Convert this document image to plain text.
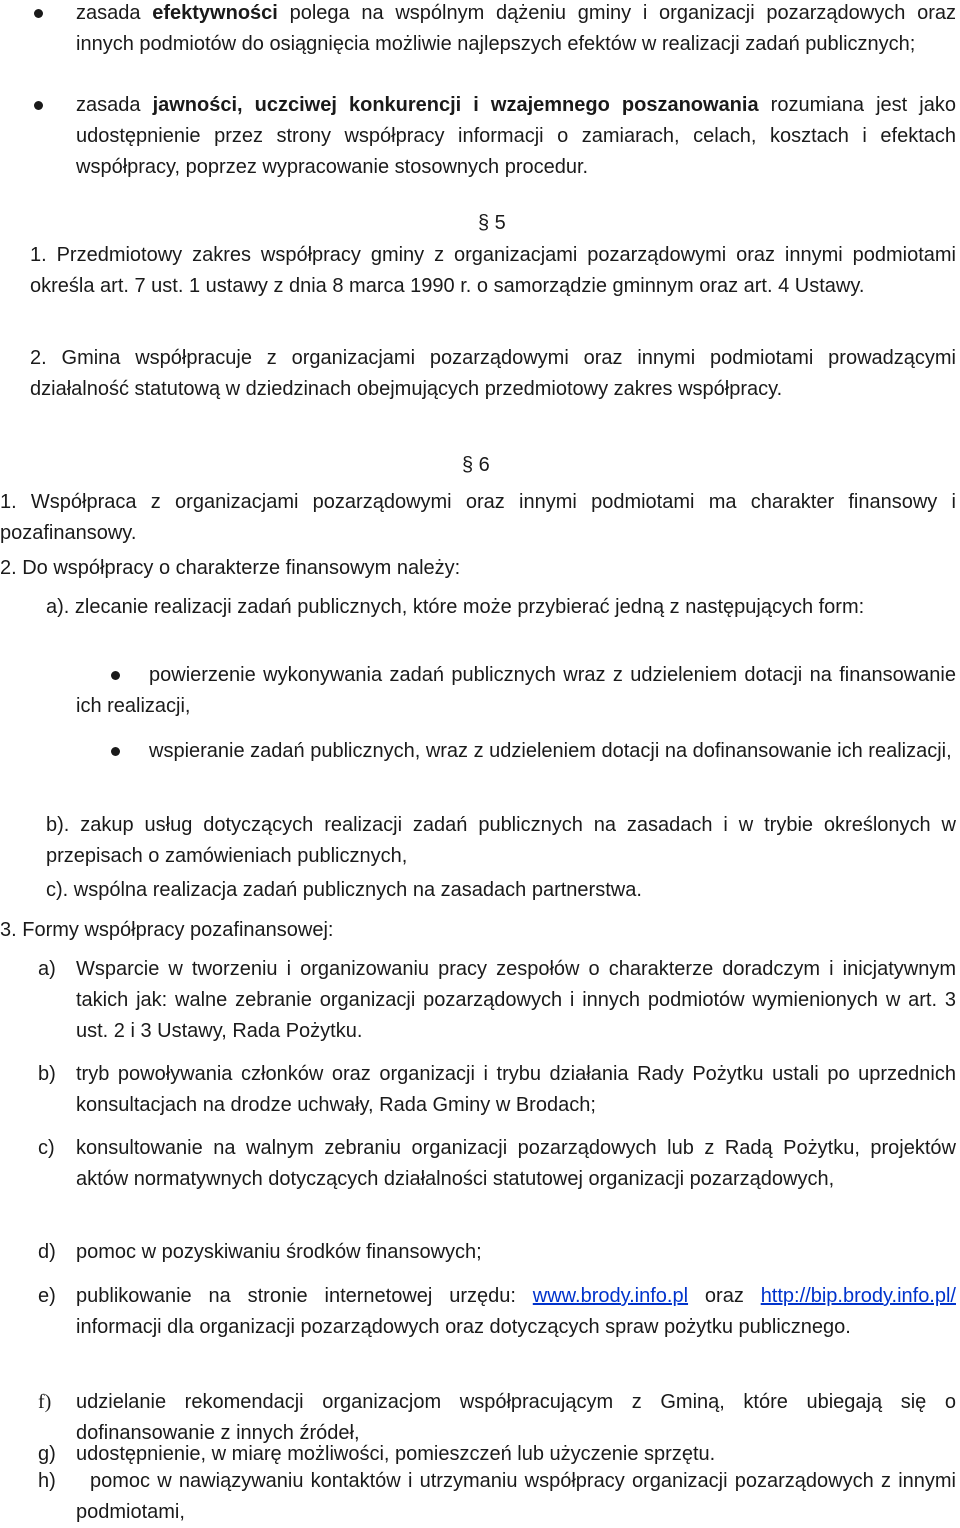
zasada efektywności polega na wspólnym dążeniu gminy i organizacji pozarządowych oraz innych podmiotów do osiągnięcia możliwie najlepszych efektów w realizacji zadań publicznych;

zasada jawności, uczciwej konkurencji i wzajemnego poszanowania rozumiana jest jako udostępnienie przez strony współpracy informacji o zamiarach, celach, kosztach i efektach współpracy, poprzez wypracowanie stosownych procedur.

§ 5

1. Przedmiotowy zakres współpracy gminy z organizacjami pozarządowymi oraz innymi podmiotami określa art. 7 ust. 1 ustawy z dnia 8 marca 1990 r. o samorządzie gminnym oraz art. 4 Ustawy.

2. Gmina współpracuje z organizacjami pozarządowymi oraz innymi podmiotami prowadzącymi działalność statutową w dziedzinach obejmujących przedmiotowy zakres współpracy.

§ 6

1. Współpraca z organizacjami pozarządowymi oraz innymi podmiotami ma charakter finansowy i pozafinansowy.

2. Do współpracy o charakterze finansowym należy:

a). zlecanie realizacji zadań publicznych, które może przybierać jedną z następujących form:

powierzenie wykonywania zadań publicznych wraz z udzieleniem dotacji na finansowanie ich realizacji,

wspieranie zadań publicznych, wraz z udzieleniem dotacji na dofinansowanie ich realizacji,

b). zakup usług dotyczących realizacji zadań publicznych na zasadach i w trybie określonych w przepisach o zamówieniach publicznych,

c). wspólna realizacja zadań publicznych na zasadach partnerstwa.

3. Formy współpracy pozafinansowej:

a) Wsparcie w tworzeniu i organizowaniu pracy zespołów o charakterze doradczym i inicjatywnym takich jak: walne zebranie organizacji pozarządowych i innych podmiotów wymienionych w art. 3 ust. 2 i 3 Ustawy, Rada Pożytku.

b) tryb powoływania członków oraz organizacji i trybu działania Rady Pożytku ustali po uprzednich konsultacjach na drodze uchwały, Rada Gminy w Brodach;

c) konsultowanie na walnym zebraniu organizacji pozarządowych lub z Radą Pożytku, projektów aktów normatywnych dotyczących działalności statutowej organizacji pozarządowych,

d) pomoc w pozyskiwaniu środków finansowych;

e) publikowanie na stronie internetowej urzędu: www.brody.info.pl oraz http://bip.brody.info.pl/ informacji dla organizacji pozarządowych oraz dotyczących spraw pożytku publicznego.

f) udzielanie rekomendacji organizacjom współpracującym z Gminą, które ubiegają się o dofinansowanie z innych źródeł,

g) udostępnienie, w miarę możliwości, pomieszczeń lub użyczenie sprzętu.

h)	pomoc w nawiązywaniu kontaktów i utrzymaniu współpracy organizacji pozarządowych z innymi podmiotami,
